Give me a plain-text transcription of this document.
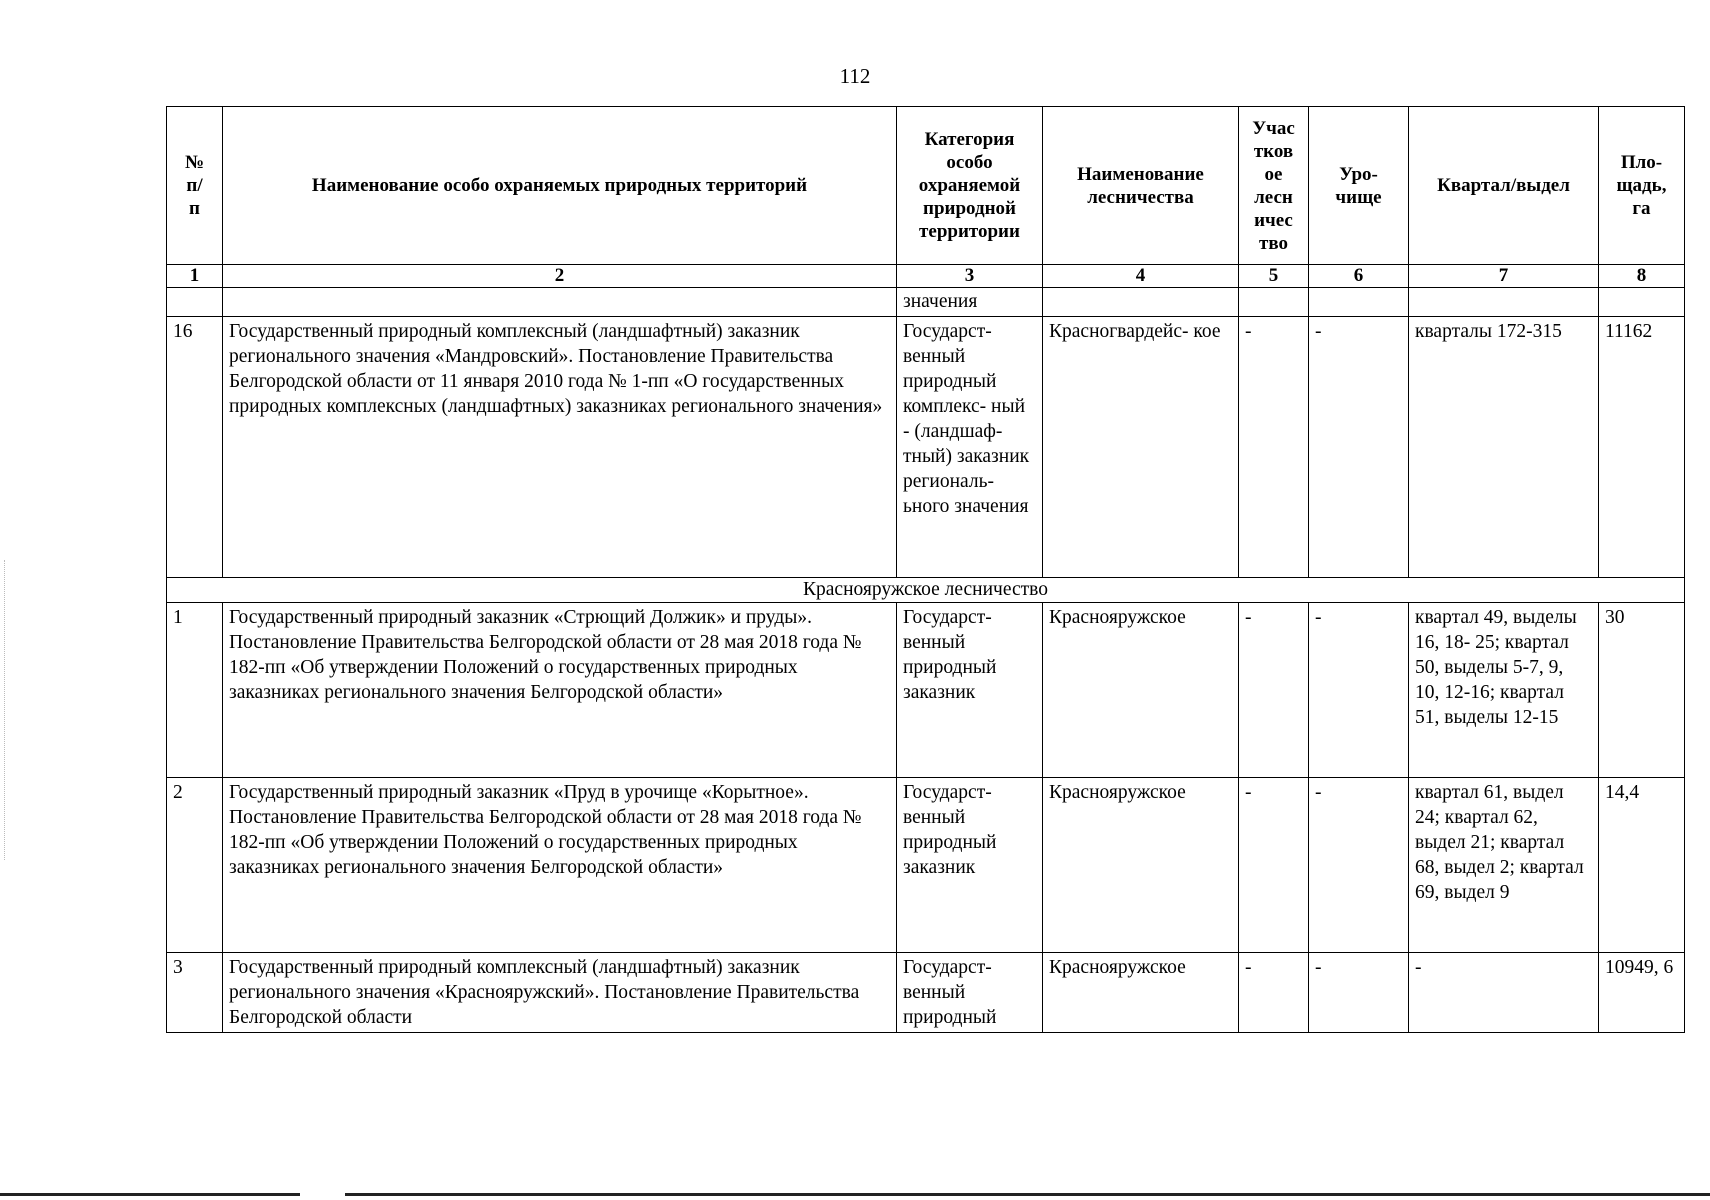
112
№ п/п	Наименование особо охраняемых природных территорий	Категория особо охраняемой природной территории	Наименование лесничества	Учас тков ое лесн ичес тво	Уро- чище	Квартал/выдел	Пло- щадь, га
1	2	3	4	5	6	7	8
		значения					
16	Государственный природный комплексный (ландшафтный) заказник регионального значения «Мандровский». Постановление Правительства Белгородской области от 11 января 2010 года № 1-пп «О государственных природных комплексных (ландшафтных) заказниках регионального значения»	Государст- венный природный комплекс- ный - (ландшаф- тный) заказник региональ- ьного значения	Красногвардейс- кое	-	-	кварталы 172-315	11162
Краснояружское лесничество							
1	Государственный природный заказник «Стрющий Должик» и пруды». Постановление Правительства Белгородской области от 28 мая 2018 года № 182-пп «Об утверждении Положений о государственных природных заказниках регионального значения Белгородской области»	Государст- венный природный заказник	Краснояружское	-	-	квартал 49, выделы 16, 18- 25; квартал 50, выделы 5-7, 9, 10, 12-16; квартал 51, выделы 12-15	30
2	Государственный природный заказник «Пруд в урочище «Корытное». Постановление Правительства Белгородской области от 28 мая 2018 года № 182-пп «Об утверждении Положений о государственных природных заказниках регионального значения Белгородской области»	Государст- венный природный заказник	Краснояружское	-	-	квартал 61, выдел 24; квартал 62, выдел 21; квартал 68, выдел 2; квартал 69, выдел 9	14,4
3	Государственный природный комплексный (ландшафтный) заказник регионального значения «Краснояружский». Постановление Правительства Белгородской области	Государст- венный природный	Краснояружское	-	-	-	10949, 6
